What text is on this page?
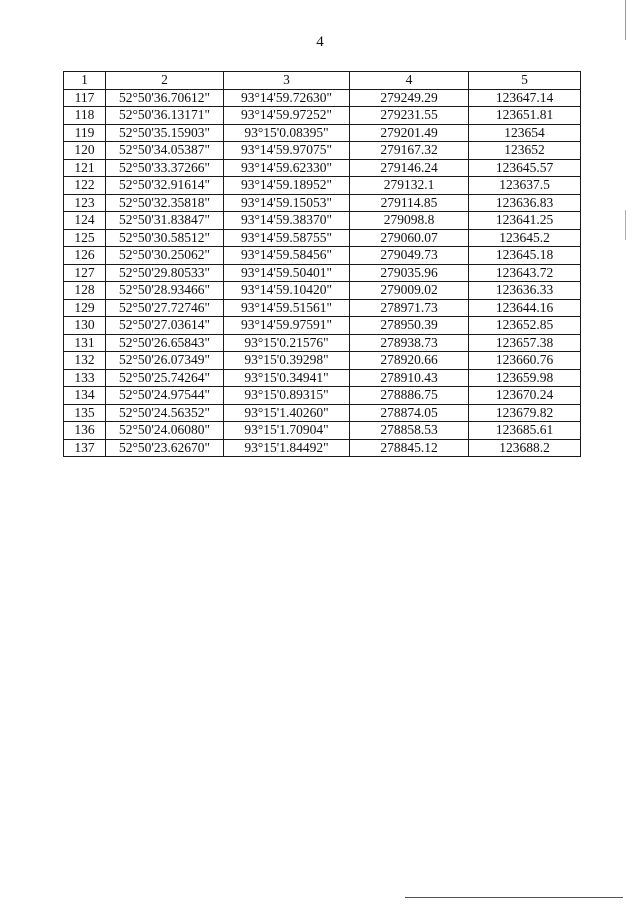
4
1	2	3	4	5
117	52°50'36.70612"	93°14'59.72630"	279249.29	123647.14
118	52°50'36.13171"	93°14'59.97252"	279231.55	123651.81
119	52°50'35.15903"	93°15'0.08395"	279201.49	123654
120	52°50'34.05387"	93°14'59.97075"	279167.32	123652
121	52°50'33.37266"	93°14'59.62330"	279146.24	123645.57
122	52°50'32.91614"	93°14'59.18952"	279132.1	123637.5
123	52°50'32.35818"	93°14'59.15053"	279114.85	123636.83
124	52°50'31.83847"	93°14'59.38370"	279098.8	123641.25
125	52°50'30.58512"	93°14'59.58755"	279060.07	123645.2
126	52°50'30.25062"	93°14'59.58456"	279049.73	123645.18
127	52°50'29.80533"	93°14'59.50401"	279035.96	123643.72
128	52°50'28.93466"	93°14'59.10420"	279009.02	123636.33
129	52°50'27.72746"	93°14'59.51561"	278971.73	123644.16
130	52°50'27.03614"	93°14'59.97591"	278950.39	123652.85
131	52°50'26.65843"	93°15'0.21576"	278938.73	123657.38
132	52°50'26.07349"	93°15'0.39298"	278920.66	123660.76
133	52°50'25.74264"	93°15'0.34941"	278910.43	123659.98
134	52°50'24.97544"	93°15'0.89315"	278886.75	123670.24
135	52°50'24.56352"	93°15'1.40260"	278874.05	123679.82
136	52°50'24.06080"	93°15'1.70904"	278858.53	123685.61
137	52°50'23.62670"	93°15'1.84492"	278845.12	123688.2
